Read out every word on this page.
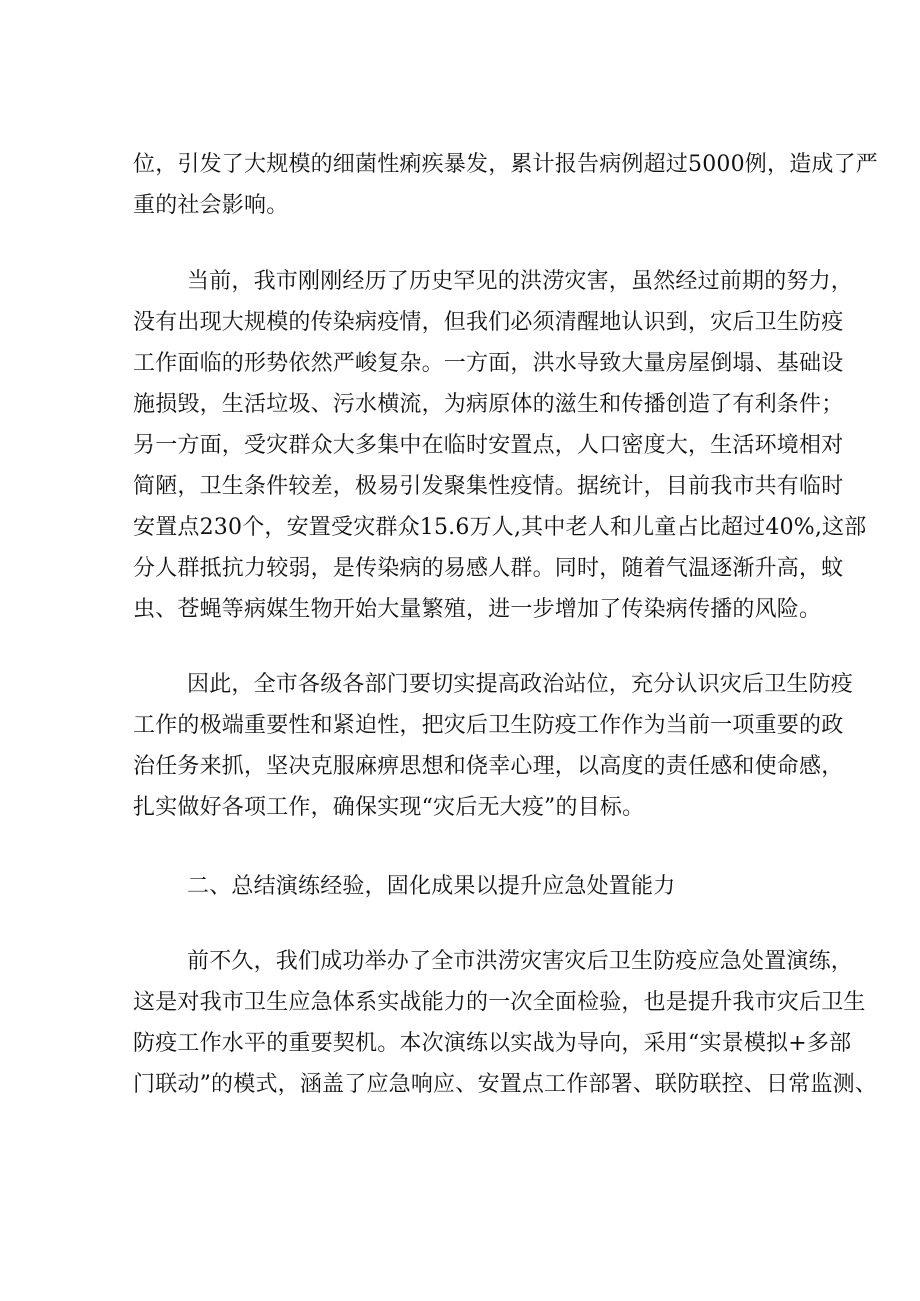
位，引发了大规模的细菌性痢疾暴发，累计报告病例超过5000例，造成了严
重的社会影响。
当前，我市刚刚经历了历史罕见的洪涝灾害，虽然经过前期的努力，
没有出现大规模的传染病疫情，但我们必须清醒地认识到，灾后卫生防疫
工作面临的形势依然严峻复杂。一方面，洪水导致大量房屋倒塌、基础设
施损毁，生活垃圾、污水横流，为病原体的滋生和传播创造了有利条件；
另一方面，受灾群众大多集中在临时安置点，人口密度大，生活环境相对
简陋，卫生条件较差，极易引发聚集性疫情。据统计，目前我市共有临时
安置点230个，安置受灾群众15.6万人,其中老人和儿童占比超过40%,这部
分人群抵抗力较弱，是传染病的易感人群。同时，随着气温逐渐升高，蚊
虫、苍蝇等病媒生物开始大量繁殖，进一步增加了传染病传播的风险。
因此，全市各级各部门要切实提高政治站位，充分认识灾后卫生防疫
工作的极端重要性和紧迫性，把灾后卫生防疫工作作为当前一项重要的政
治任务来抓，坚决克服麻痹思想和侥幸心理，以高度的责任感和使命感，
扎实做好各项工作，确保实现“灾后无大疫”的目标。
二、总结演练经验，固化成果以提升应急处置能力
前不久，我们成功举办了全市洪涝灾害灾后卫生防疫应急处置演练，
这是对我市卫生应急体系实战能力的一次全面检验，也是提升我市灾后卫生
防疫工作水平的重要契机。本次演练以实战为导向，采用“实景模拟+多部
门联动”的模式，涵盖了应急响应、安置点工作部署、联防联控、日常监测、
